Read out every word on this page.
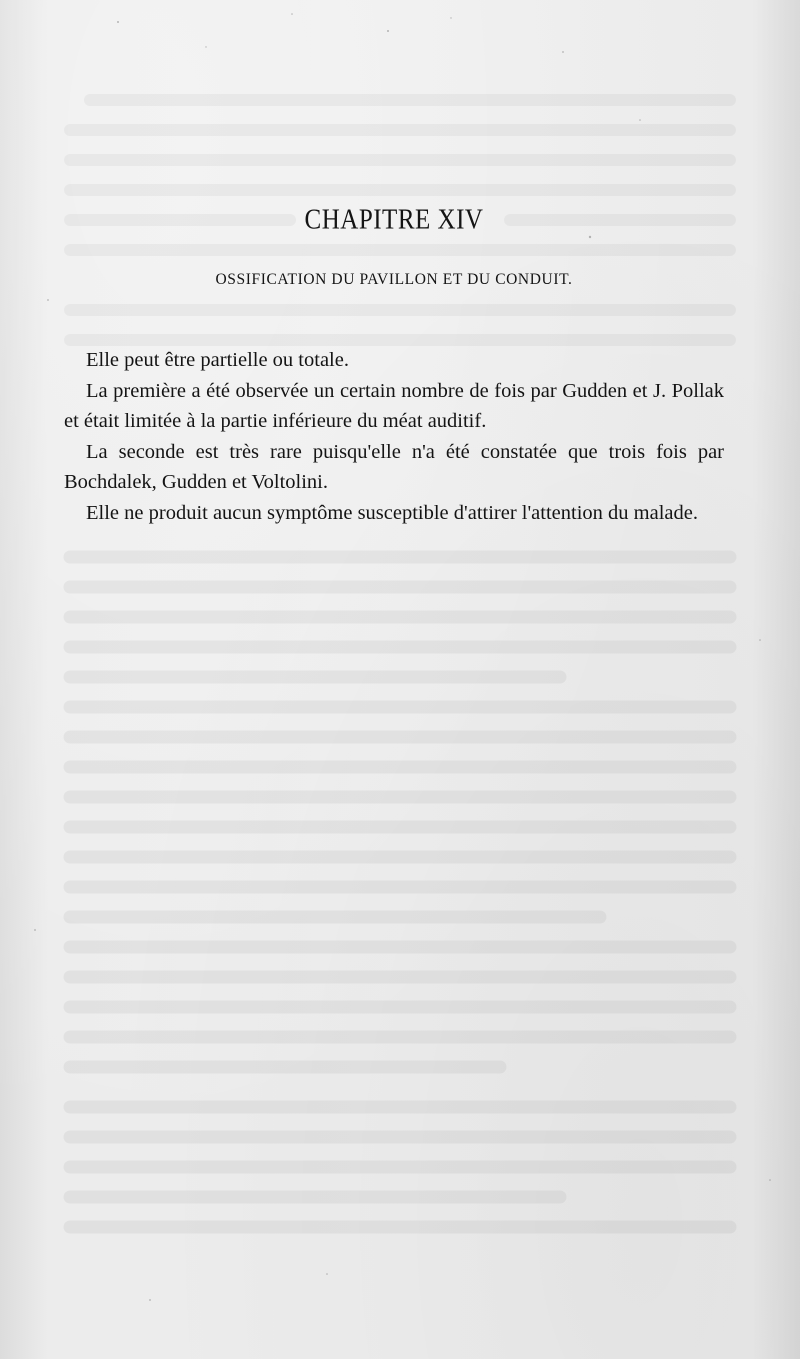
CHAPITRE XIV
OSSIFICATION DU PAVILLON ET DU CONDUIT.

Elle peut être partielle ou totale.

La première a été observée un certain nombre de fois par Gudden et J. Pollak et était limitée à la partie inférieure du méat auditif.

La seconde est très rare puisqu'elle n'a été constatée que trois fois par Bochdalek, Gudden et Voltolini.

Elle ne produit aucun symptôme susceptible d'attirer l'attention du malade.
